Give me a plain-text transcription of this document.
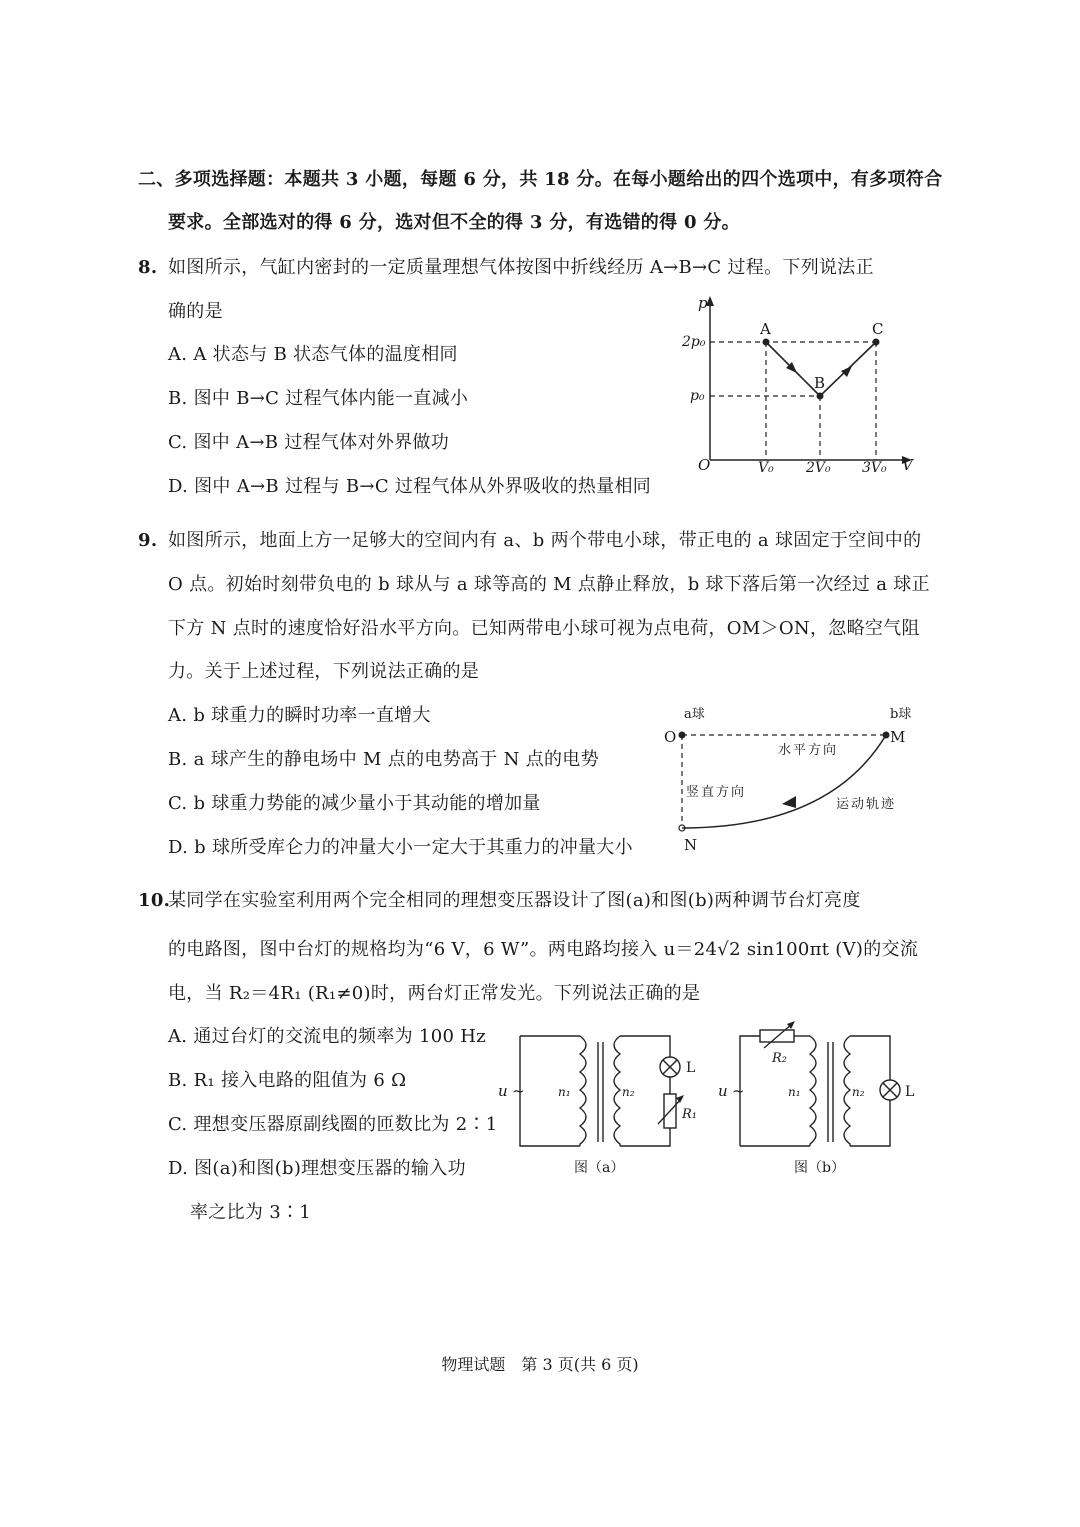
二、多项选择题：本题共 3 小题，每题 6 分，共 18 分。在每小题给出的四个选项中，有多项符合
要求。全部选对的得 6 分，选对但不全的得 3 分，有选错的得 0 分。
8. 如图所示，气缸内密封的一定质量理想气体按图中折线经历 A→B→C 过程。下列说法正
确的是
A. A 状态与 B 状态气体的温度相同
B. 图中 B→C 过程气体内能一直减小
C. 图中 A→B 过程气体对外界做功
D. 图中 A→B 过程与 B→C 过程气体从外界吸收的热量相同
p
V
O
A
B
C
2p₀
p₀
V₀ 2V₀ 3V₀
9. 如图所示，地面上方一足够大的空间内有 a、b 两个带电小球，带正电的 a 球固定于空间中的
O 点。初始时刻带负电的 b 球从与 a 球等高的 M 点静止释放，b 球下落后第一次经过 a 球正
下方 N 点时的速度恰好沿水平方向。已知两带电小球可视为点电荷，OM＞ON，忽略空气阻
力。关于上述过程，下列说法正确的是
A. b 球重力的瞬时功率一直增大
B. a 球产生的静电场中 M 点的电势高于 N 点的电势
C. b 球重力势能的减少量小于其动能的增加量
D. b 球所受库仑力的冲量大小一定大于其重力的冲量大小
a球	b球
O	M
N
水平方向
竖直方向
运动轨迹
10.
某同学在实验室利用两个完全相同的理想变压器设计了图(a)和图(b)两种调节台灯亮度
的电路图，图中台灯的规格均为“6 V，6 W”。两电路均接入 u＝24√2 sin100πt (V)的交流
电，当 R₂＝4R₁ (R₁≠0)时，两台灯正常发光。下列说法正确的是
A. 通过台灯的交流电的频率为 100 Hz
B. R₁ 接入电路的阻值为 6 Ω
C. 理想变压器原副线圈的匝数比为 2∶1
D. 图(a)和图(b)理想变压器的输入功
率之比为 3∶1
u ~	n₁	n₂
L
R₁
图（a）
u ~	n₁	n₂	L
R₂
图（b）
物理试题　第 3 页(共 6 页)
